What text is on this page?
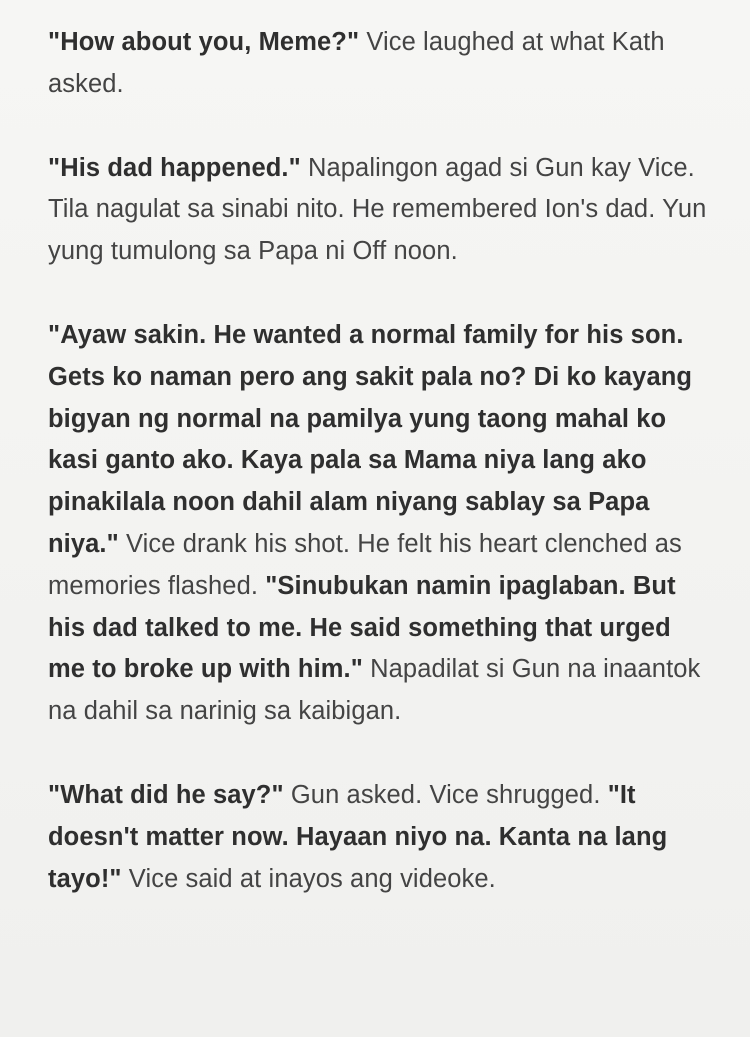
"How about you, Meme?" Vice laughed at what Kath asked.

"His dad happened." Napalingon agad si Gun kay Vice. Tila nagulat sa sinabi nito. He remembered Ion's dad. Yun yung tumulong sa Papa ni Off noon.

"Ayaw sakin. He wanted a normal family for his son. Gets ko naman pero ang sakit pala no? Di ko kayang bigyan ng normal na pamilya yung taong mahal ko kasi ganto ako. Kaya pala sa Mama niya lang ako pinakilala noon dahil alam niyang sablay sa Papa niya." Vice drank his shot. He felt his heart clenched as memories flashed. "Sinubukan namin ipaglaban. But his dad talked to me. He said something that urged me to broke up with him." Napadilat si Gun na inaantok na dahil sa narinig sa kaibigan.

"What did he say?" Gun asked. Vice shrugged. "It doesn't matter now. Hayaan niyo na. Kanta na lang tayo!" Vice said at inayos ang videoke.
